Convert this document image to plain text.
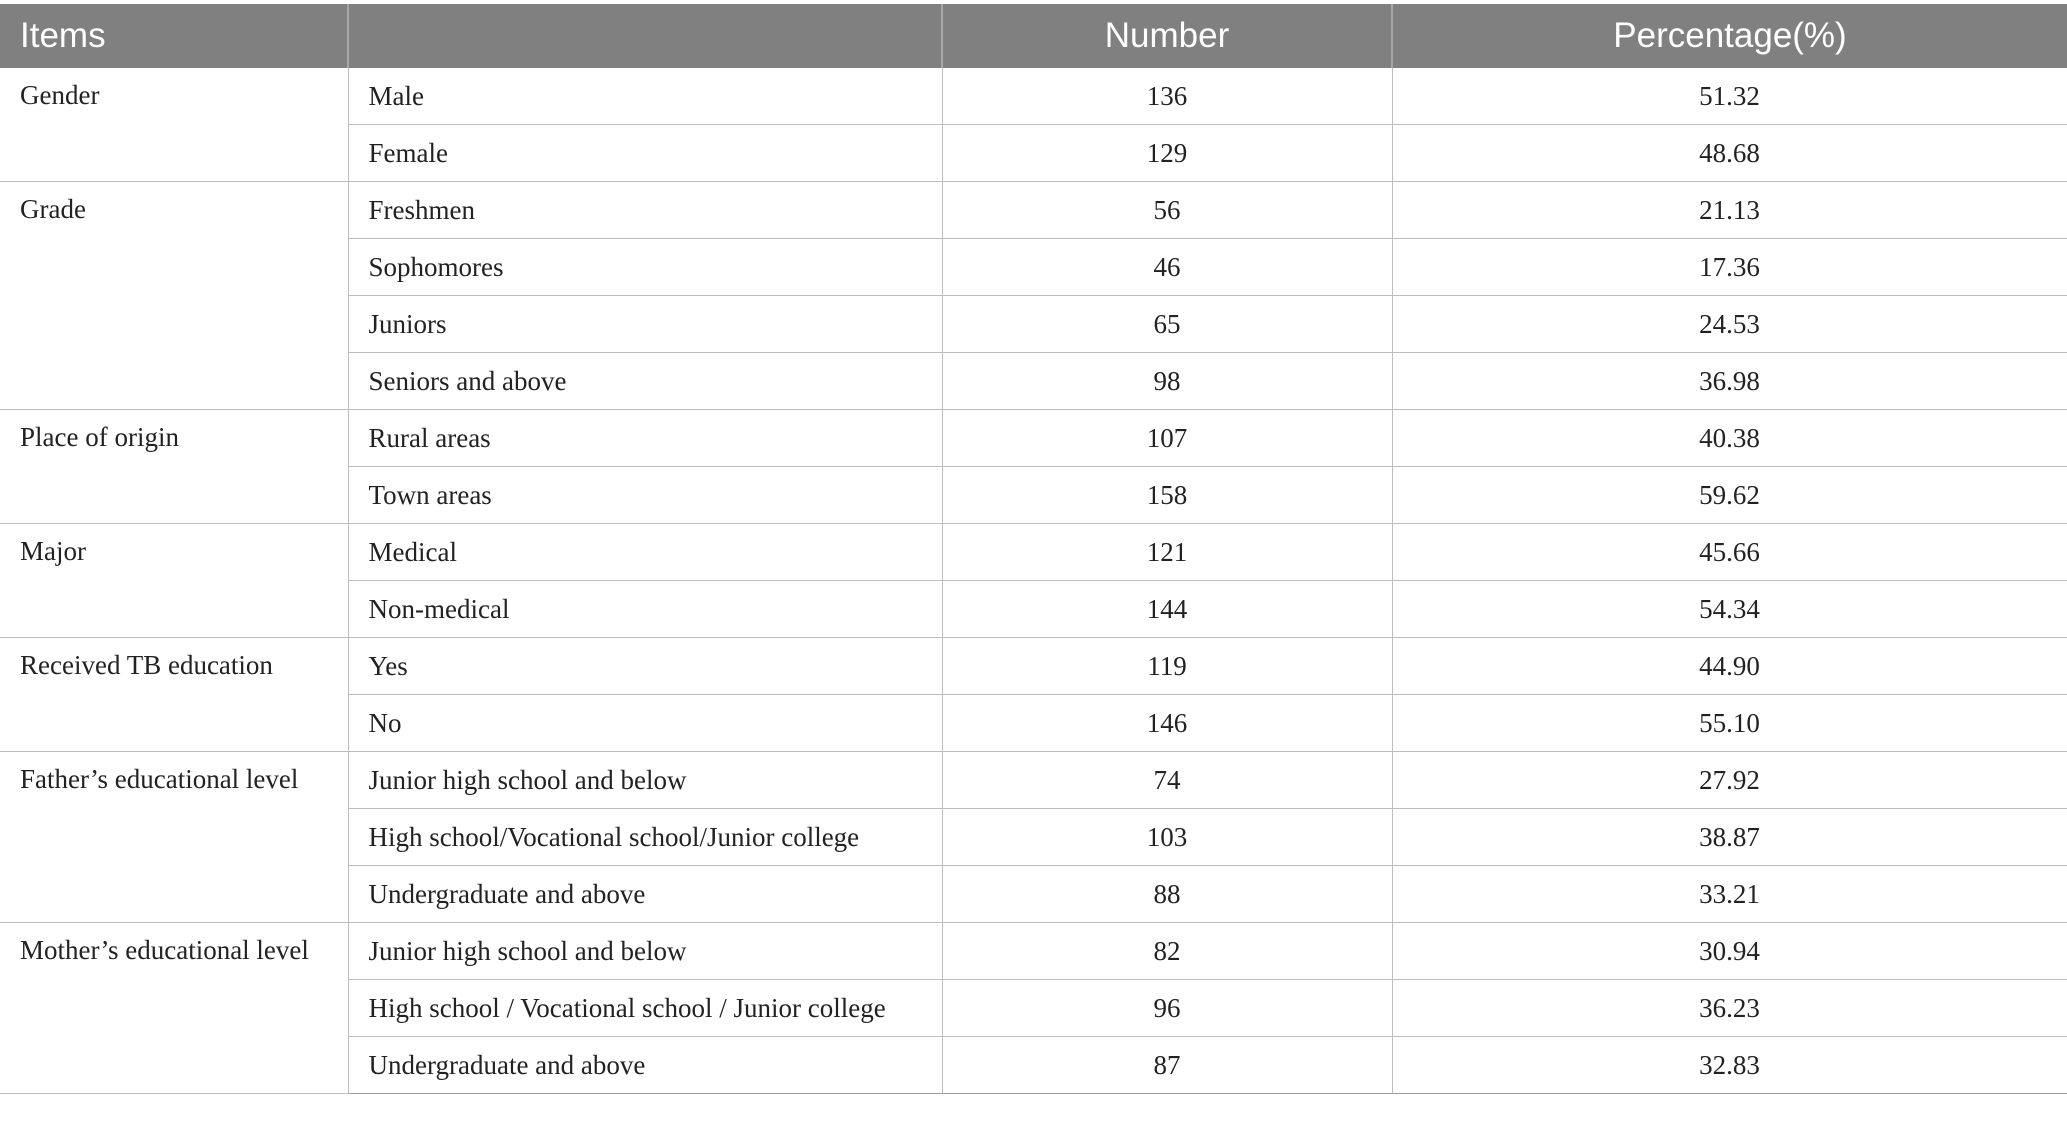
Items		Number	Percentage(%)
Gender	Male	136	51.32
	Female	129	48.68
Grade	Freshmen	56	21.13
	Sophomores	46	17.36
	Juniors	65	24.53
	Seniors and above	98	36.98
Place of origin	Rural areas	107	40.38
	Town areas	158	59.62
Major	Medical	121	45.66
	Non-medical	144	54.34
Received TB education	Yes	119	44.90
	No	146	55.10
Father’s educational level	Junior high school and below	74	27.92
	High school/Vocational school/Junior college	103	38.87
	Undergraduate and above	88	33.21
Mother’s educational level	Junior high school and below	82	30.94
	High school / Vocational school / Junior college	96	36.23
	Undergraduate and above	87	32.83
